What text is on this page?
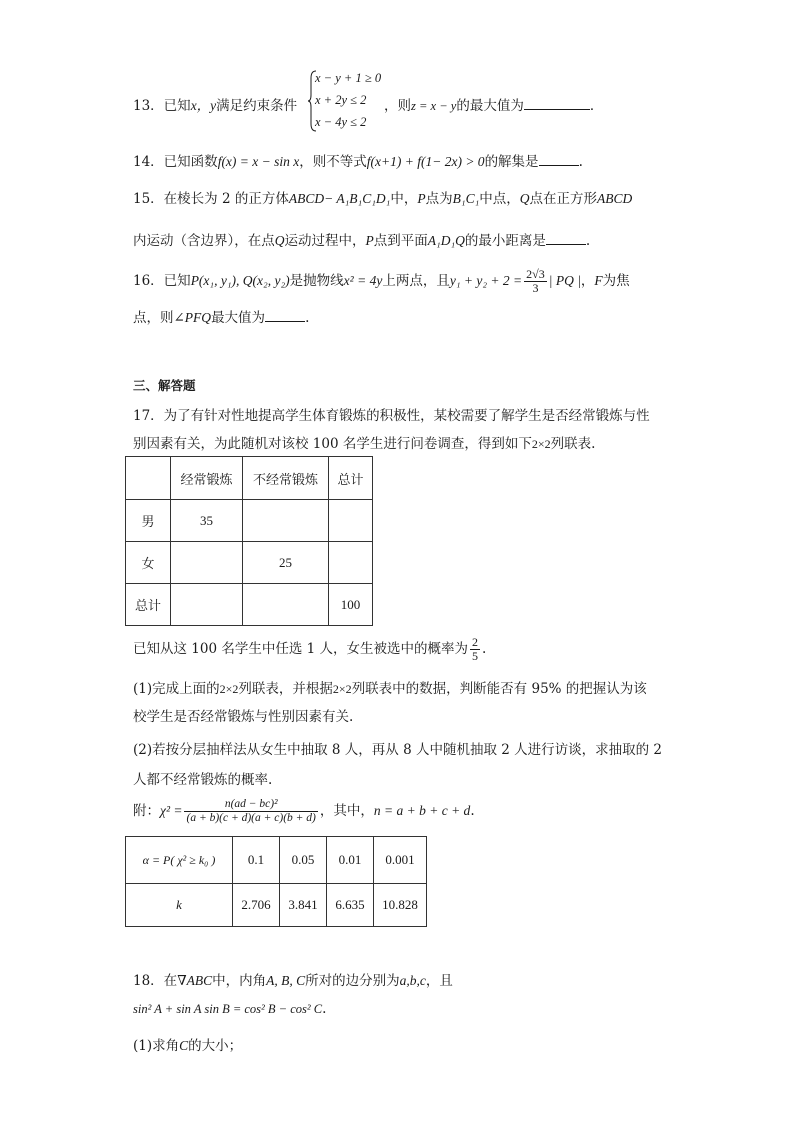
13．已知x，y满足约束条件
x − y + 1 ≥ 0
x + 2y ≤ 2
x − 4y ≤ 2
，则z = x − y的最大值为	．
14．已知函数f(x) = x − sin x，则不等式f(x+1) + f(1− 2x) > 0的解集是	.
15．在棱长为 2 的正方体ABCD− A₁B₁C₁D₁中，P点为B₁C₁中点，Q点在正方形ABCD
内运动（含边界），在点Q运动过程中，P点到平面A₁D₁Q的最小距离是	.
16．已知P(x₁, y₁), Q(x₂, y₂)是抛物线x² = 4y上两点，且$y_1 + y_2 + 2 = \frac{2√3}{3}$ | PQ |，F为焦
点，则∠PFQ最大值为	.
三、解答题
17．为了有针对性地提高学生体育锻炼的积极性，某校需要了解学生是否经常锻炼与性
别因素有关，为此随机对该校 100 名学生进行问卷调查，得到如下2×2列联表.
	经常锻炼	不经常锻炼	总计
男	35		
女		25	
总计			100
已知从这 100 名学生中任选 1 人，女生被选中的概率为 $\frac{2}{5}$ .
(1)完成上面的2×2列联表，并根据2×2列联表中的数据，判断能否有 95% 的把握认为该
校学生是否经常锻炼与性别因素有关.
(2)若按分层抽样法从女生中抽取 8 人，再从 8 人中随机抽取 2 人进行访谈，求抽取的 2
人都不经常锻炼的概率.
附：$\chi^2 = \frac{\text{n(ad − bc)²}}{(a + b)(c + d)(a + c)(b + d)}$ ，其中，n = a + b + c + d.
α = P( χ² ≥ k₀ )	0.1	0.05	0.01	0.001
k	2.706	3.841	6.635	10.828
18．在∇ABC中，内角A, B, C所对的边分别为a,b,c，且
sin² A + sin A sin B = cos² B − cos² C.
(1)求角C的大小；
